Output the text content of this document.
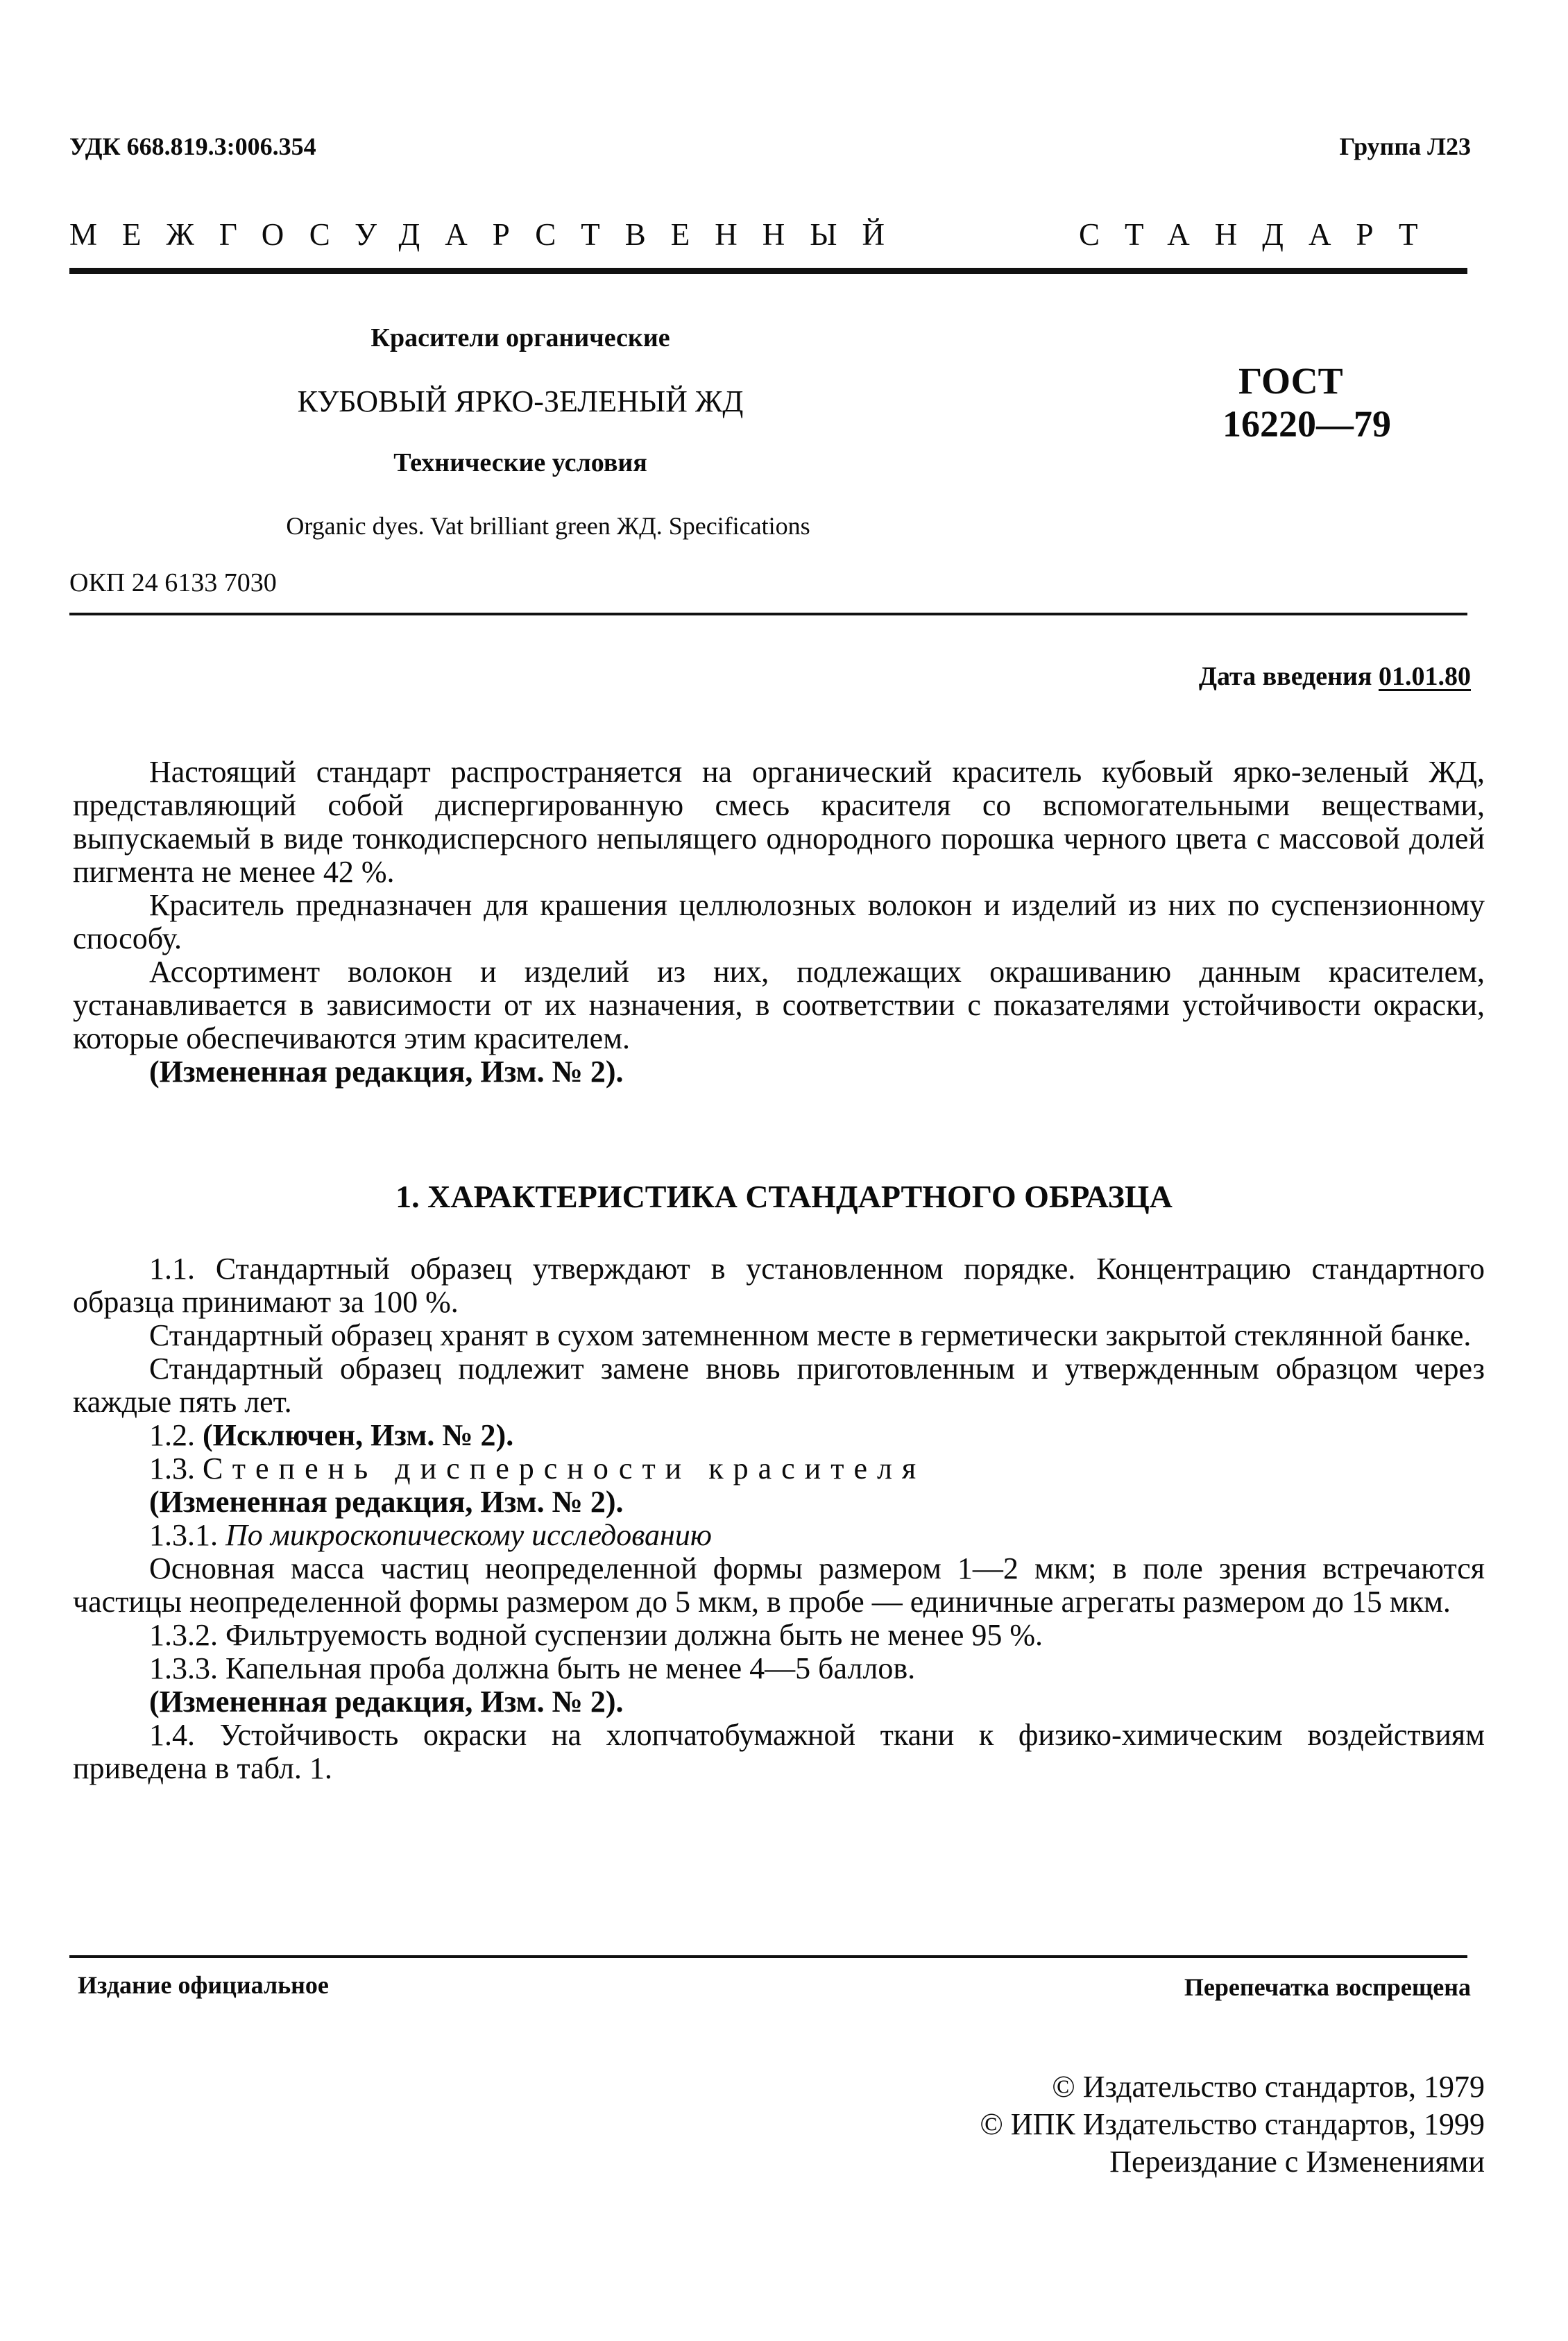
УДК 668.819.3:006.354	Группа Л23
МЕЖГОСУДАРСТВЕННЫЙ	СТАНДАРТ
Красители органические
КУБОВЫЙ ЯРКО-ЗЕЛЕНЫЙ ЖД
Технические условия
Organic dyes. Vat brilliant green ЖД. Specifications
ГОСТ
16220—79
ОКП 24 6133 7030
Дата введения 01.01.80

Настоящий стандарт распространяется на органический краситель кубовый ярко-зеленый ЖД, представляющий собой диспергированную смесь красителя со вспомогательными веществами, выпускаемый в виде тонкодисперсного непылящего однородного порошка черного цвета с массовой долей пигмента не менее 42 %.

Краситель предназначен для крашения целлюлозных волокон и изделий из них по суспензионному способу.

Ассортимент волокон и изделий из них, подлежащих окрашиванию данным красителем, устанавливается в зависимости от их назначения, в соответствии с показателями устойчивости окраски, которые обеспечиваются этим красителем.

(Измененная редакция, Изм. № 2).

1. ХАРАКТЕРИСТИКА СТАНДАРТНОГО ОБРАЗЦА

1.1. Стандартный образец утверждают в установленном порядке. Концентрацию стандартного образца принимают за 100 %.

Стандартный образец хранят в сухом затемненном месте в герметически закрытой стеклянной банке.

Стандартный образец подлежит замене вновь приготовленным и утвержденным образцом через каждые пять лет.

1.2. (Исключен, Изм. № 2).

1.3. Степень дисперсности красителя

(Измененная редакция, Изм. № 2).

1.3.1. По микроскопическому исследованию

Основная масса частиц неопределенной формы размером 1—2 мкм; в поле зрения встречаются частицы неопределенной формы размером до 5 мкм, в пробе — единичные агрегаты размером до 15 мкм.

1.3.2. Фильтруемость водной суспензии должна быть не менее 95 %.

1.3.3. Капельная проба должна быть не менее 4—5 баллов.

(Измененная редакция, Изм. № 2).

1.4. Устойчивость окраски на хлопчатобумажной ткани к физико-химическим воздействиям приведена в табл. 1.

Издание официальное	Перепечатка воспрещена
© Издательство стандартов, 1979
© ИПК Издательство стандартов, 1999
Переиздание с Изменениями
